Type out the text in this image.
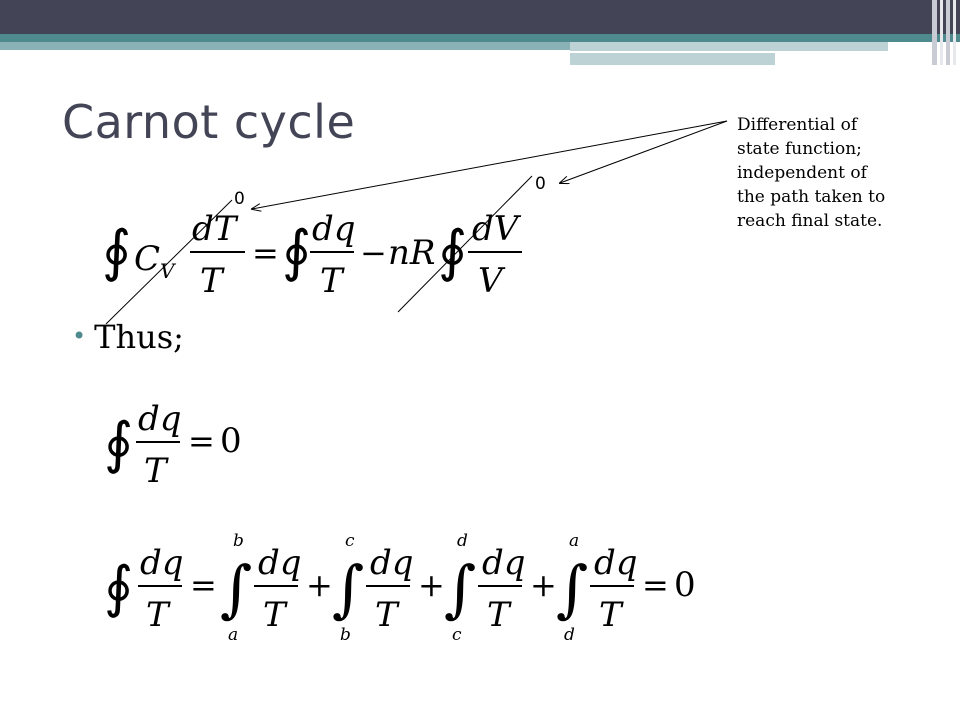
Carnot cycle	Differential of
state function;
independent of
the path taken to
reach final state.
0
0
• Thus;
∮ C V
dT
T
= ∮ dq
T
− nR ∮ dV
V
∮ dq
T
= 0
∮ dq
T
= ∫
b
a
dq
T
+ ∫
c
b
dq
T
+ ∫
d
c
dq
T
+ ∫
a
d
dq
T
= 0
